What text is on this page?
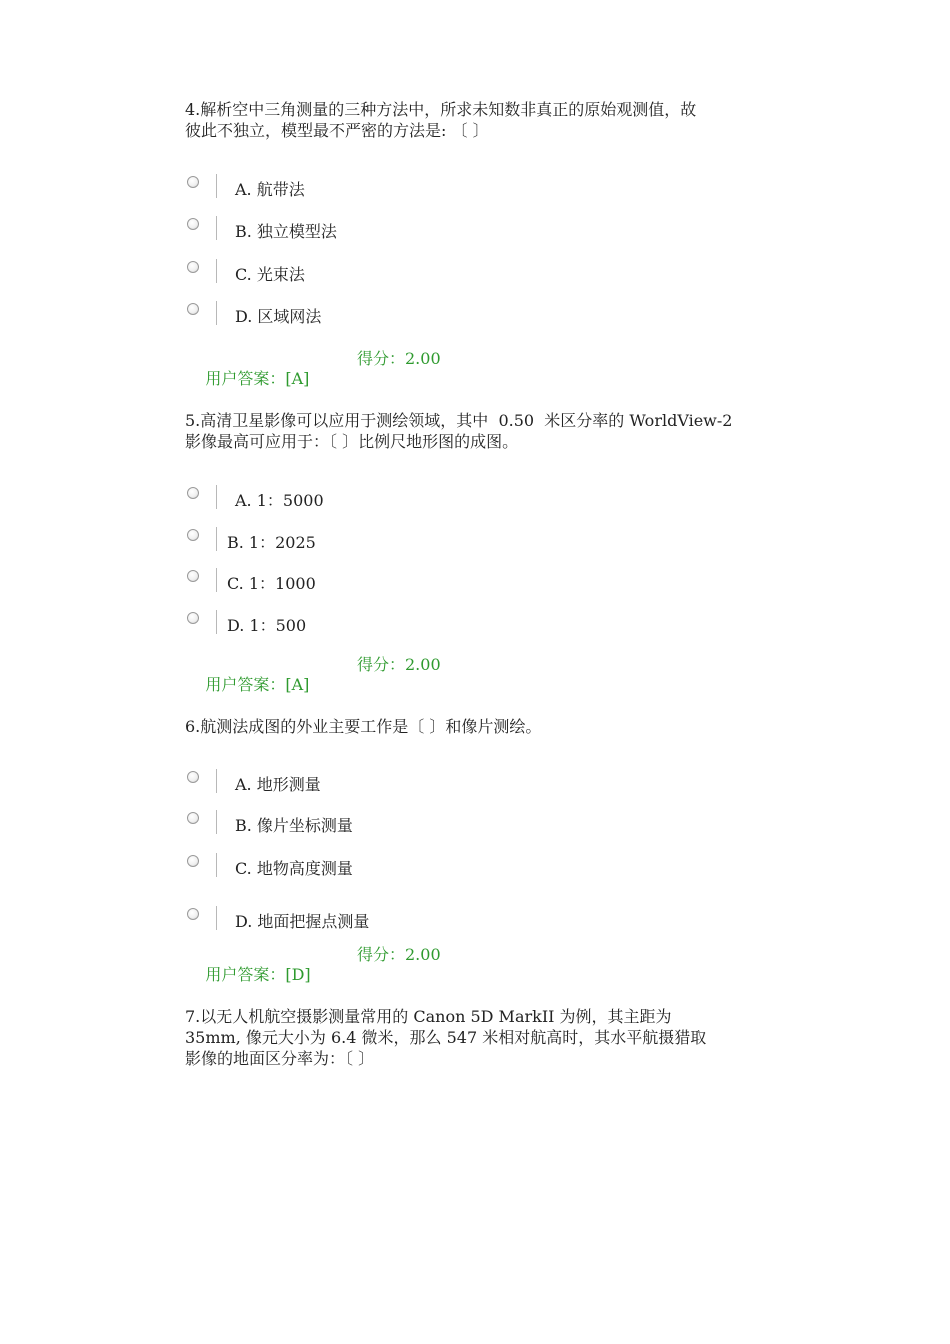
4.解析空中三角测量的三种方法中，所求未知数非真正的原始观测值，故
彼此不独立，模型最不严密的方法是: 〔 〕
A. 航带法
B. 独立模型法
C. 光束法
D. 区域网法

用户答案：[A]

得分：2.00

5.高清卫星影像可以应用于测绘领域，其中  0.50  米区分率的 WorldView-2
影像最高可应用于：〔 〕比例尺地形图的成图。
A. 1：5000
B. 1：2025
C. 1：1000
D. 1：500

用户答案：[A]

得分：2.00

6.航测法成图的外业主要工作是〔 〕和像片测绘。
A. 地形测量
B. 像片坐标测量
C. 地物高度测量
D. 地面把握点测量

用户答案：[D]

得分：2.00

7.以无人机航空摄影测量常用的 Canon 5D MarkII 为例，其主距为
35mm, 像元大小为 6.4 微米，那么 547 米相对航高时，其水平航摄猎取
影像的地面区分率为：〔 〕
